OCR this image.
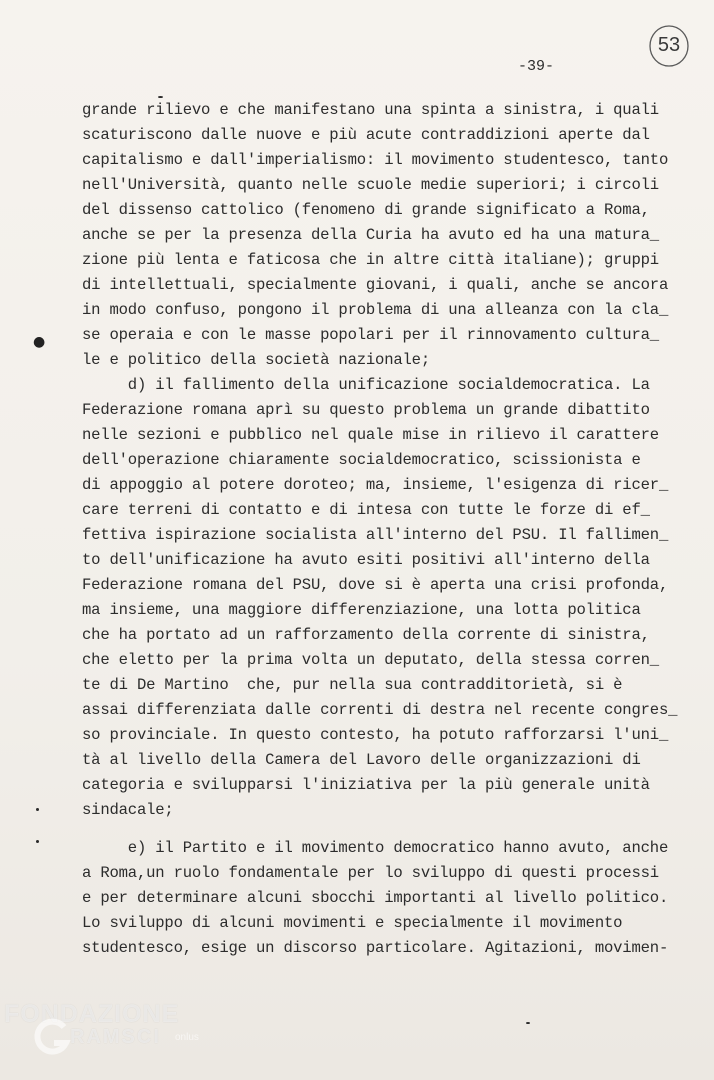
53
-39-
●

grande rilievo e che manifestano una spinta a sinistra, i quali

scaturiscono dalle nuove e più acute contraddizioni aperte dal

capitalismo e dall'imperialismo: il movimento studentesco, tanto

nell'Università, quanto nelle scuole medie superiori; i circoli

del dissenso cattolico (fenomeno di grande significato a Roma,

anche se per la presenza della Curia ha avuto ed ha una matura_

zione più lenta e faticosa che in altre città italiane); gruppi

di intellettuali, specialmente giovani, i quali, anche se ancora

in modo confuso, pongono il problema di una alleanza con la cla_

se operaia e con le masse popolari per il rinnovamento cultura_

le e politico della società nazionale;

d) il fallimento della unificazione socialdemocratica. La

Federazione romana aprì su questo problema un grande dibattito

nelle sezioni e pubblico nel quale mise in rilievo il carattere

dell'operazione chiaramente socialdemocratico, scissionista e

di appoggio al potere doroteo; ma, insieme, l'esigenza di ricer_

care terreni di contatto e di intesa con tutte le forze di ef_

fettiva ispirazione socialista all'interno del PSU. Il fallimen_

to dell'unificazione ha avuto esiti positivi all'interno della

Federazione romana del PSU, dove si è aperta una crisi profonda,

ma insieme, una maggiore differenziazione, una lotta politica

che ha portato ad un rafforzamento della corrente di sinistra,

che eletto per la prima volta un deputato, della stessa corren_

te di De Martino  che, pur nella sua contradditorietà, si è

assai differenziata dalle correnti di destra nel recente congres_

so provinciale. In questo contesto, ha potuto rafforzarsi l'uni_

tà al livello della Camera del Lavoro delle organizzazioni di

categoria e svilupparsi l'iniziativa per la più generale unità

sindacale;

e) il Partito e il movimento democratico hanno avuto, anche

a Roma,un ruolo fondamentale per lo sviluppo di questi processi

e per determinare alcuni sbocchi importanti al livello politico.

Lo sviluppo di alcuni movimenti e specialmente il movimento

studentesco, esige un discorso particolare. Agitazioni, movimen-

FONDAZIONE
RAMSCI onlus
